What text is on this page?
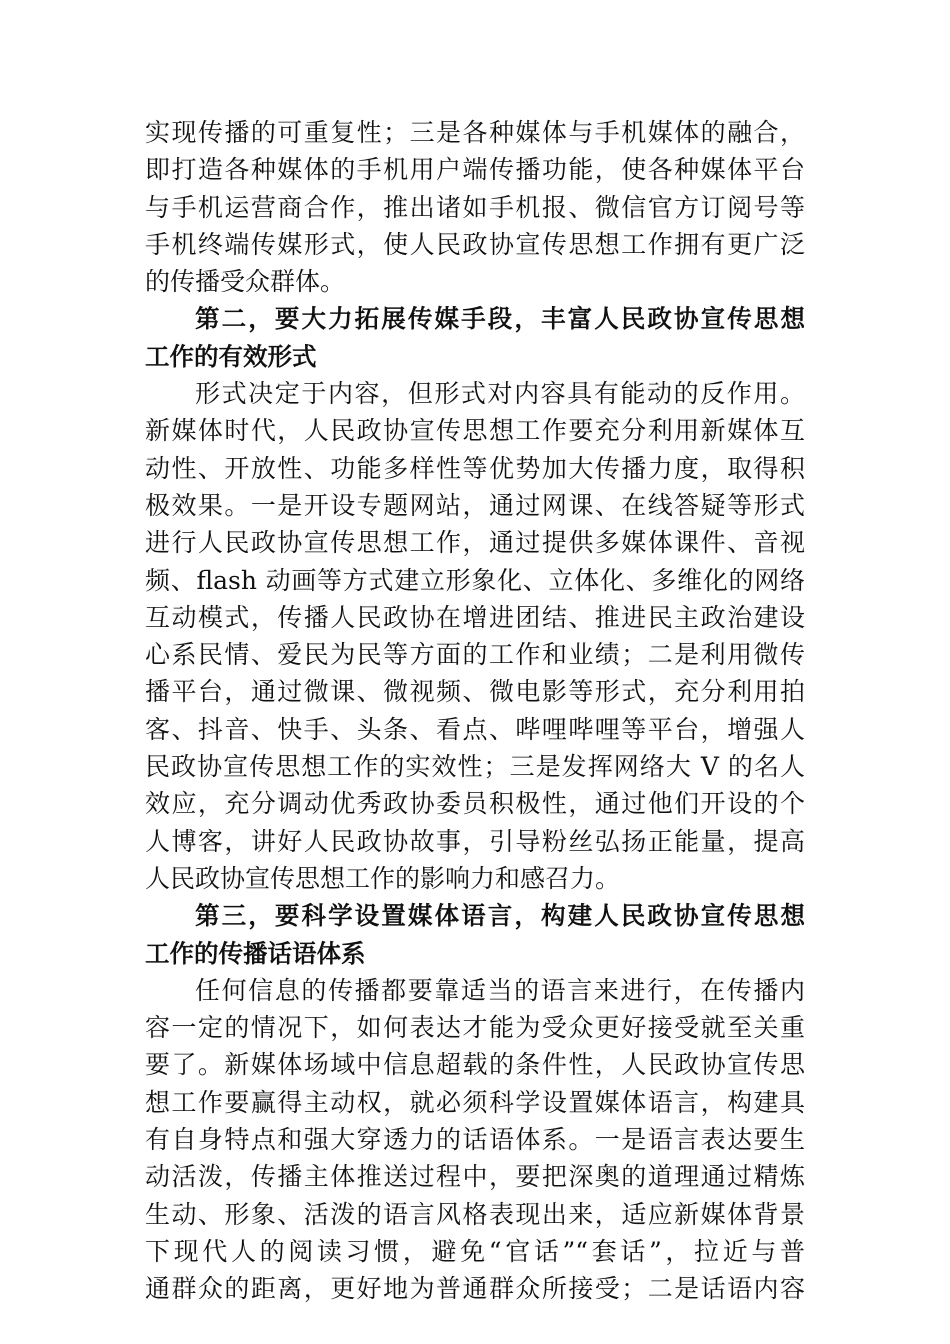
实现传播的可重复性；三是各种媒体与手机媒体的融合，
即打造各种媒体的手机用户端传播功能，使各种媒体平台
与手机运营商合作，推出诸如手机报、微信官方订阅号等
手机终端传媒形式，使人民政协宣传思想工作拥有更广泛
的传播受众群体。
第二，要大力拓展传媒手段，丰富人民政协宣传思想
工作的有效形式
形式决定于内容，但形式对内容具有能动的反作用。
新媒体时代，人民政协宣传思想工作要充分利用新媒体互
动性、开放性、功能多样性等优势加大传播力度，取得积
极效果。一是开设专题网站，通过网课、在线答疑等形式
进行人民政协宣传思想工作，通过提供多媒体课件、音视
频、flash 动画等方式建立形象化、立体化、多维化的网络
互动模式，传播人民政协在增进团结、推进民主政治建设
心系民情、爱民为民等方面的工作和业绩；二是利用微传
播平台，通过微课、微视频、微电影等形式，充分利用拍
客、抖音、快手、头条、看点、哔哩哔哩等平台，增强人
民政协宣传思想工作的实效性；三是发挥网络大 V 的名人
效应，充分调动优秀政协委员积极性，通过他们开设的个
人博客，讲好人民政协故事，引导粉丝弘扬正能量，提高
人民政协宣传思想工作的影响力和感召力。
第三，要科学设置媒体语言，构建人民政协宣传思想
工作的传播话语体系
任何信息的传播都要靠适当的语言来进行，在传播内
容一定的情况下，如何表达才能为受众更好接受就至关重
要了。新媒体场域中信息超载的条件性，人民政协宣传思
想工作要赢得主动权，就必须科学设置媒体语言，构建具
有自身特点和强大穿透力的话语体系。一是语言表达要生
动活泼，传播主体推送过程中，要把深奥的道理通过精炼
生动、形象、活泼的语言风格表现出来，适应新媒体背景
下现代人的阅读习惯，避免“官话”“套话”，拉近与普
通群众的距离，更好地为普通群众所接受；二是话语内容
